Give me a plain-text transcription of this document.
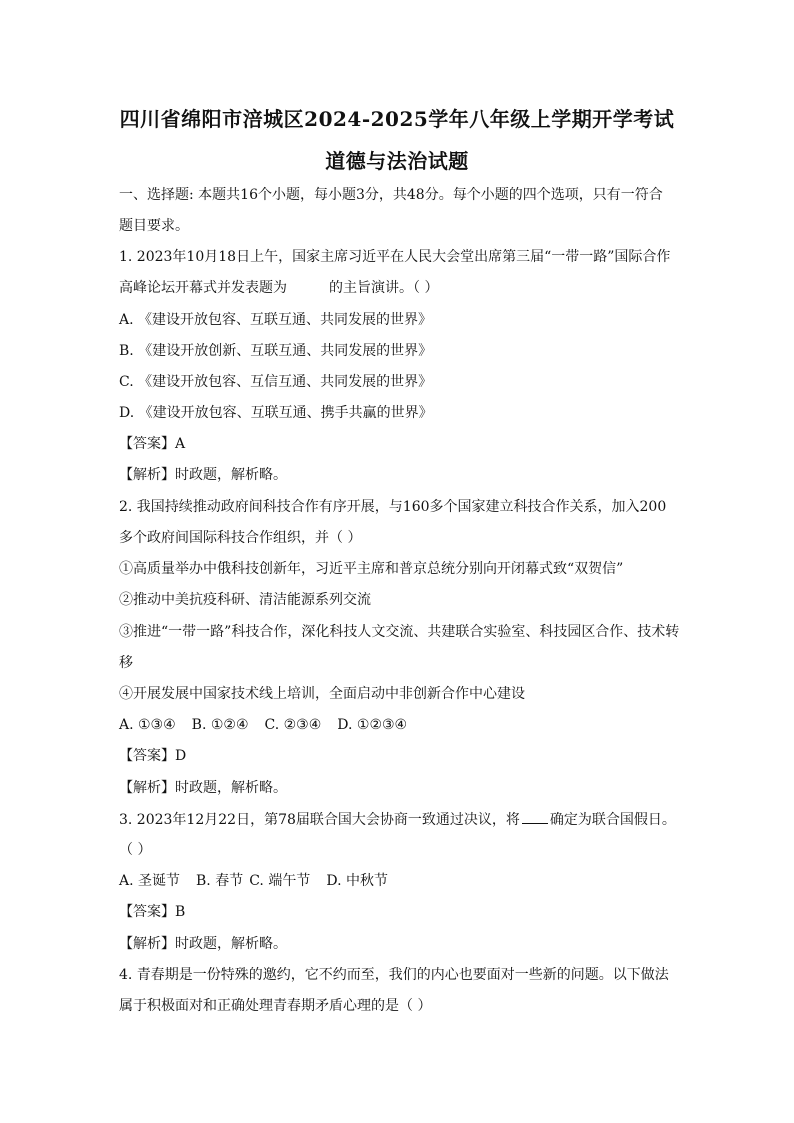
四川省绵阳市涪城区2024-2025学年八年级上学期开学考试
道德与法治试题
一、选择题: 本题共16个小题，每小题3分，共48分。每个小题的四个选项，只有一符合
题目要求。
1. 2023年10月18日上午，国家主席习近平在人民大会堂出席第三届“一带一路”国际合作
高峰论坛开幕式并发表题为	的主旨演讲。（ ）
A. 《建设开放包容、互联互通、共同发展的世界》
B. 《建设开放创新、互联互通、共同发展的世界》
C. 《建设开放包容、互信互通、共同发展的世界》
D. 《建设开放包容、互联互通、携手共赢的世界》
【答案】A
【解析】时政题，解析略。
2. 我国持续推动政府间科技合作有序开展，与160多个国家建立科技合作关系，加入200
多个政府间国际科技合作组织，并（ ）
①高质量举办中俄科技创新年，习近平主席和普京总统分别向开闭幕式致“双贺信”
②推动中美抗疫科研、清洁能源系列交流
③推进“一带一路”科技合作，深化科技人文交流、共建联合实验室、科技园区合作、技术转
移
④开展发展中国家技术线上培训，全面启动中非创新合作中心建设
A. ①③④ B. ①②④ C. ②③④ D. ①②③④
【答案】D
【解析】时政题，解析略。
3. 2023年12月22日，第78届联合国大会协商一致通过决议，将 确定为联合国假日。
（ ）
A. 圣诞节 B. 春节 C. 端午节 D. 中秋节
【答案】B
【解析】时政题，解析略。
4. 青春期是一份特殊的邀约，它不约而至，我们的内心也要面对一些新的问题。以下做法
属于积极面对和正确处理青春期矛盾心理的是（ ）
